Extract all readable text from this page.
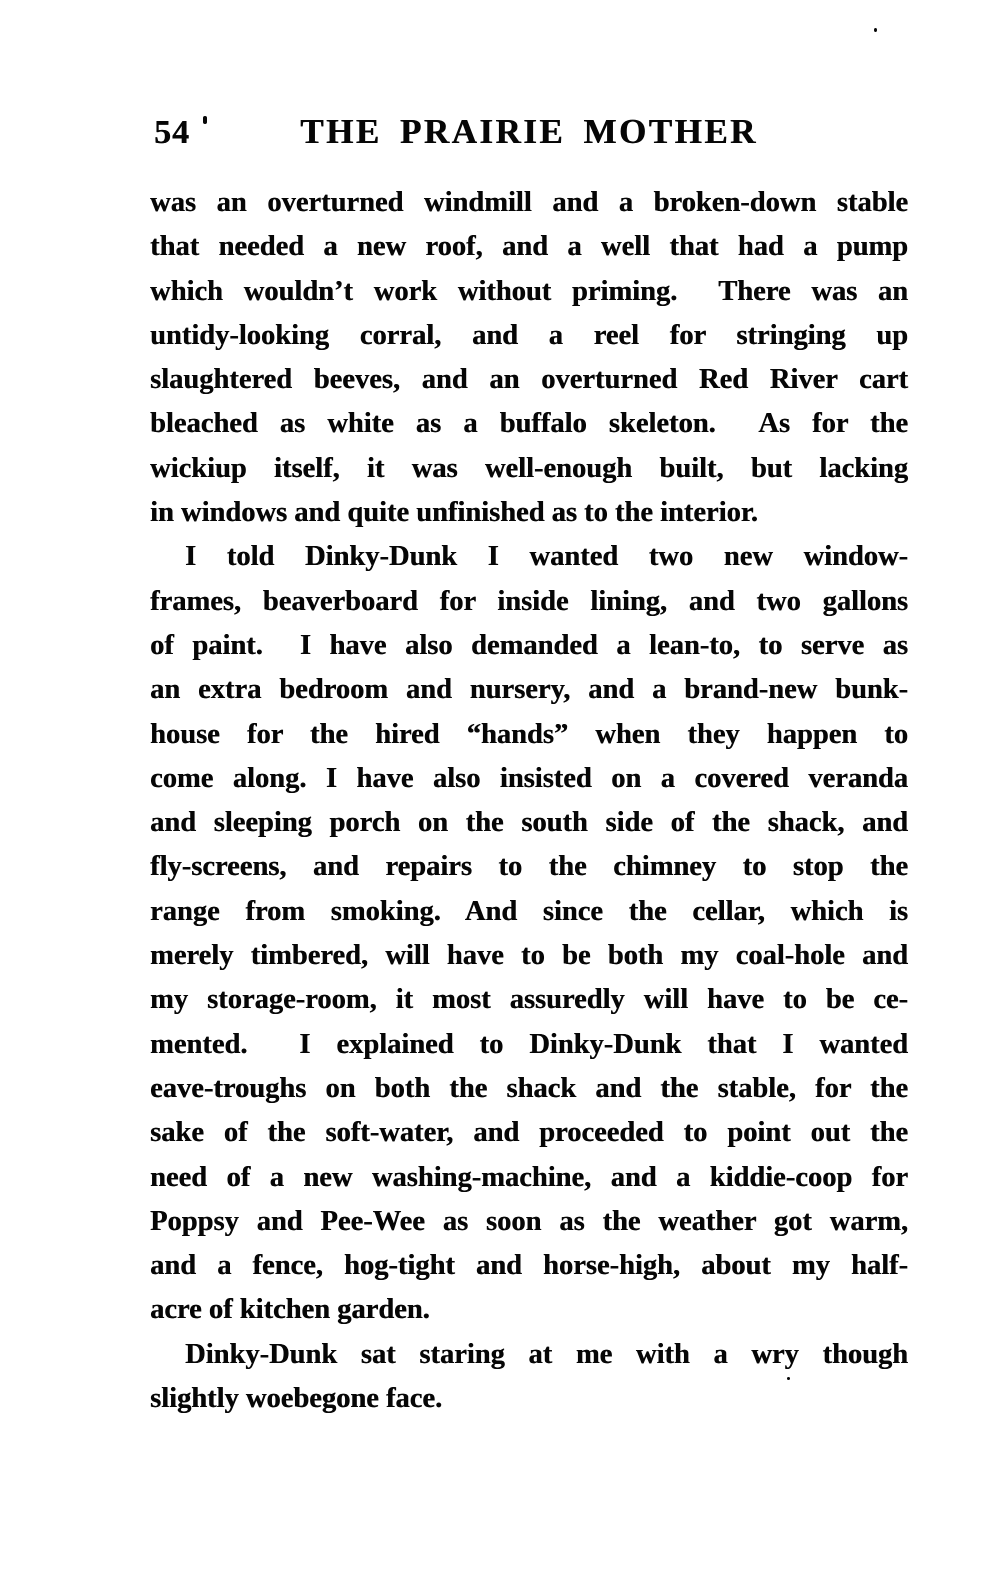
54	THE PRAIRIE MOTHER
was an overturned windmill and a broken-down stable
that needed a new roof, and a well that had a pump
which wouldn’t work without priming.  There was an
untidy-looking corral, and a reel for stringing up
slaughtered beeves, and an overturned Red River cart
bleached as white as a buffalo skeleton.  As for the
wickiup itself, it was well-enough built, but lacking
in windows and quite unfinished as to the interior.
I told Dinky-Dunk I wanted two new window-
frames, beaverboard for inside lining, and two gallons
of paint.  I have also demanded a lean-to, to serve as
an extra bedroom and nursery, and a brand-new bunk-
house for the hired “hands” when they happen to
come along. I have also insisted on a covered veranda
and sleeping porch on the south side of the shack, and
fly-screens, and repairs to the chimney to stop the
range from smoking. And since the cellar, which is
merely timbered, will have to be both my coal-hole and
my storage-room, it most assuredly will have to be ce-
mented.  I explained to Dinky-Dunk that I wanted
eave-troughs on both the shack and the stable, for the
sake of the soft-water, and proceeded to point out the
need of a new washing-machine, and a kiddie-coop for
Poppsy and Pee-Wee as soon as the weather got warm,
and a fence, hog-tight and horse-high, about my half-
acre of kitchen garden.
Dinky-Dunk sat staring at me with a wry though
slightly woebegone face.
